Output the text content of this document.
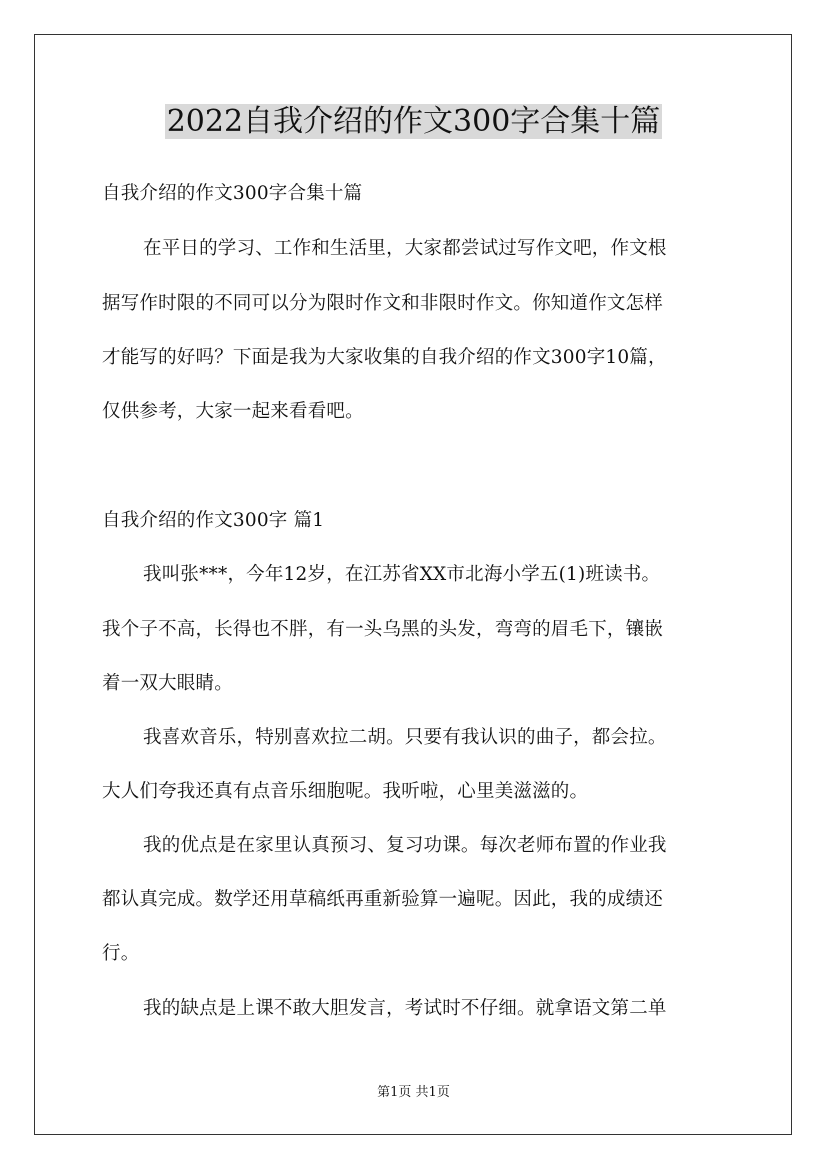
2022自我介绍的作文300字合集十篇

自我介绍的作文300字合集十篇

在平日的学习、工作和生活里，大家都尝试过写作文吧，作文根

据写作时限的不同可以分为限时作文和非限时作文。你知道作文怎样

才能写的好吗？下面是我为大家收集的自我介绍的作文300字10篇，

仅供参考，大家一起来看看吧。

自我介绍的作文300字 篇1

我叫张***，今年12岁，在江苏省XX市北海小学五(1)班读书。

我个子不高，长得也不胖，有一头乌黑的头发，弯弯的眉毛下，镶嵌

着一双大眼睛。

我喜欢音乐，特别喜欢拉二胡。只要有我认识的曲子，都会拉。

大人们夸我还真有点音乐细胞呢。我听啦，心里美滋滋的。

我的优点是在家里认真预习、复习功课。每次老师布置的作业我

都认真完成。数学还用草稿纸再重新验算一遍呢。因此，我的成绩还

行。

我的缺点是上课不敢大胆发言，考试时不仔细。就拿语文第二单

第1页 共1页
